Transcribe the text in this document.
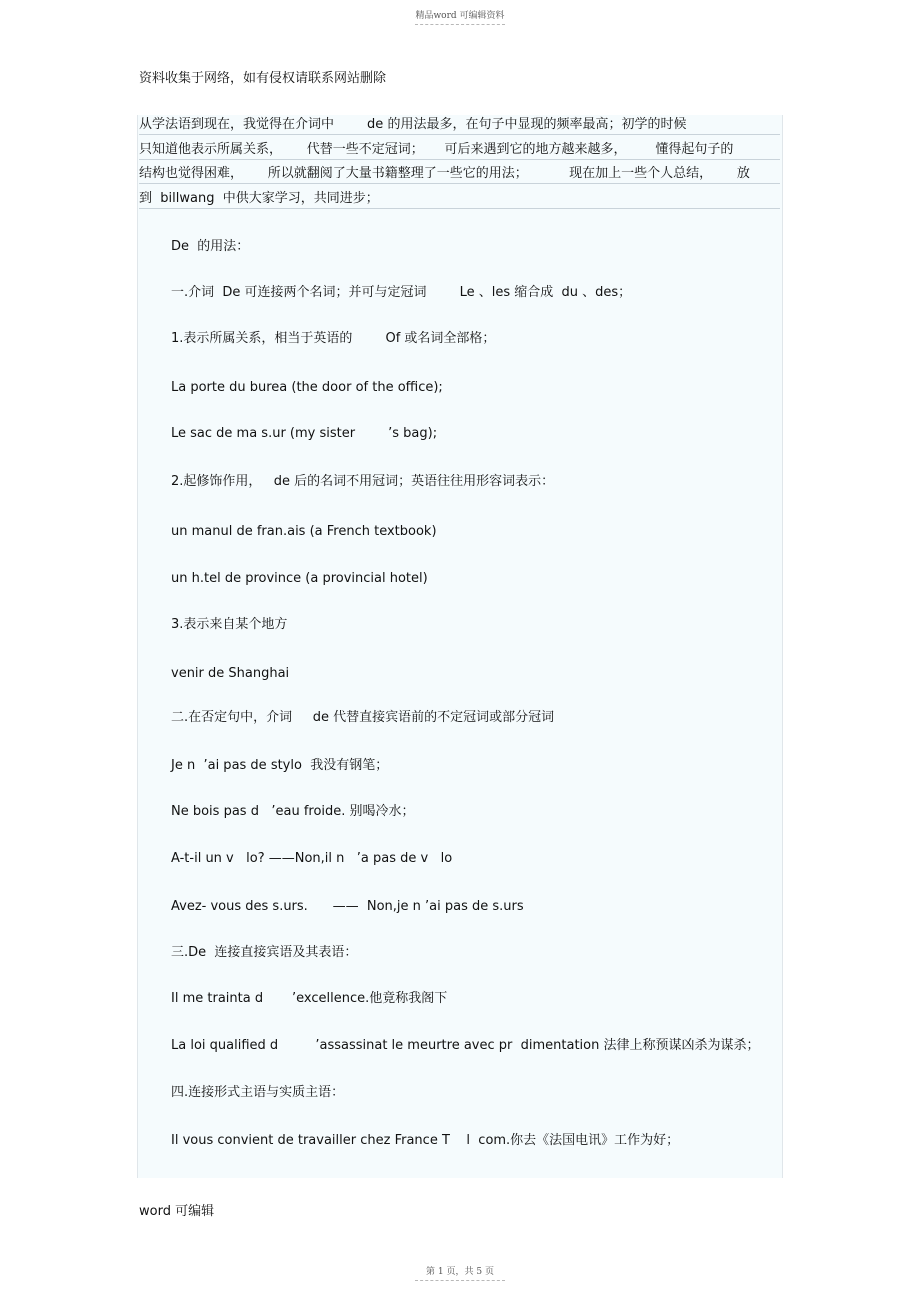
精品word 可编辑资料
资料收集于网络，如有侵权请联系网站删除
从学法语到现在，我觉得在介词中        de 的用法最多，在句子中显现的频率最高；初学的时候
只知道他表示所属关系，      代替一些不定冠词；     可后来遇到它的地方越来越多，       懂得起句子的
结构也觉得困难，      所以就翻阅了大量书籍整理了一些它的用法；          现在加上一些个人总结，      放
到  billwang  中供大家学习，共同进步；
De  的用法：
一.介词  De 可连接两个名词；并可与定冠词        Le 、les 缩合成  du 、des；
1.表示所属关系，相当于英语的        Of 或名词全部格；
La porte du burea (the door of the office);
Le sac de ma s.ur (my sister        ’s bag);
2.起修饰作用，   de 后的名词不用冠词；英语往往用形容词表示：
un manul de fran.ais (a French textbook)
un h.tel de province (a provincial hotel)
3.表示来自某个地方
venir de Shanghai
二.在否定句中，介词     de 代替直接宾语前的不定冠词或部分冠词
Je n  ’ai pas de stylo  我没有钢笔；
Ne bois pas d   ’eau froide. 别喝冷水；
A-t-il un v   lo? ——Non,il n   ’a pas de v   lo
Avez- vous des s.urs.      ——  Non,je n ’ai pas de s.urs
三.De  连接直接宾语及其表语：
Il me trainta d       ’excellence.他竟称我阁下
La loi qualified d         ’assassinat le meurtre avec pr  dimentation 法律上称预谋凶杀为谋杀；
四.连接形式主语与实质主语：
Il vous convient de travailler chez France T    l  com.你去《法国电讯》工作为好；
word 可编辑
第 1 页，共 5 页
